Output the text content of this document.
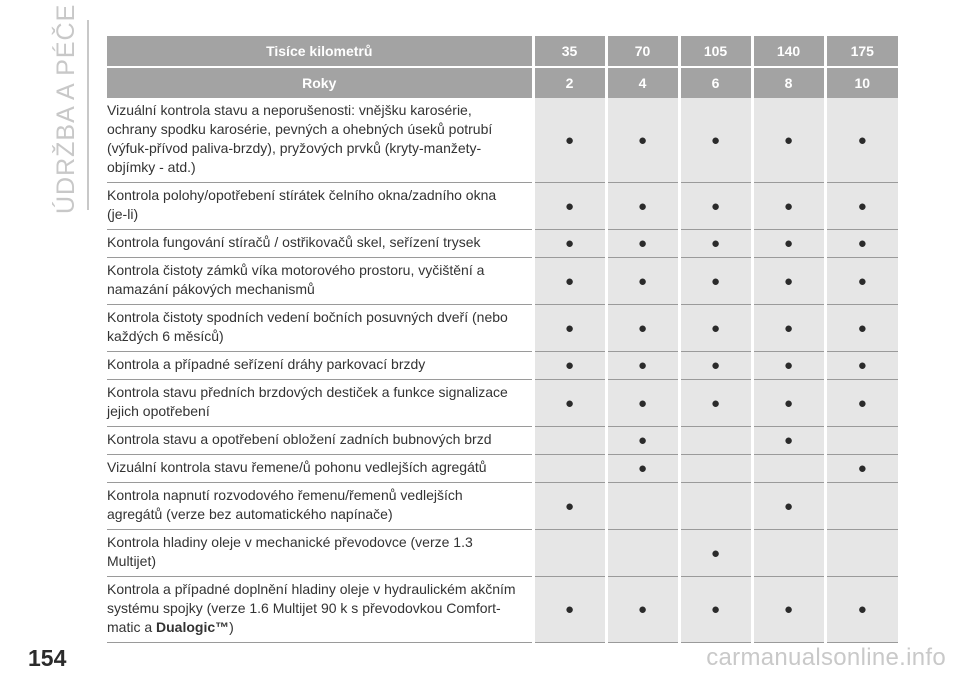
ÚDRŽBA A PÉČE	Tisíce kilometrů	35	70	105	140	175
Roky	2	4	6	8	10
Vizuální kontrola stavu a neporušenosti: vnějšku karosérie, ochrany spodku karosérie, pevných a ohebných úseků potrubí (výfuk-přívod paliva-brzdy), pryžových prvků (kryty-manžety-objímky - atd.)	●	●	●	●	●
Kontrola polohy/opotřebení stírátek čelního okna/zadního okna (je-li)	●	●	●	●	●
Kontrola fungování stíračů / ostřikovačů skel, seřízení trysek	●	●	●	●	●
Kontrola čistoty zámků víka motorového prostoru, vyčištění a namazání pákových mechanismů	●	●	●	●	●
Kontrola čistoty spodních vedení bočních posuvných dveří (nebo každých 6 měsíců)	●	●	●	●	●
Kontrola a případné seřízení dráhy parkovací brzdy	●	●	●	●	●
Kontrola stavu předních brzdových destiček a funkce signalizace jejich opotřebení	●	●	●	●	●
Kontrola stavu a opotřebení obložení zadních bubnových brzd		●		●	
Vizuální kontrola stavu řemene/ů pohonu vedlejších agregátů		●			●
Kontrola napnutí rozvodového řemenu/řemenů vedlejších agregátů (verze bez automatického napínače)	●			●	
Kontrola hladiny oleje v mechanické převodovce (verze 1.3 Multijet)			●		
Kontrola a případné doplnění hladiny oleje v hydraulickém akčním systému spojky (verze 1.6 Multijet 90 k s převodovkou Comfort-matic a Dualogic™)	●	●	●	●	●
154	carmanualsonline.info
